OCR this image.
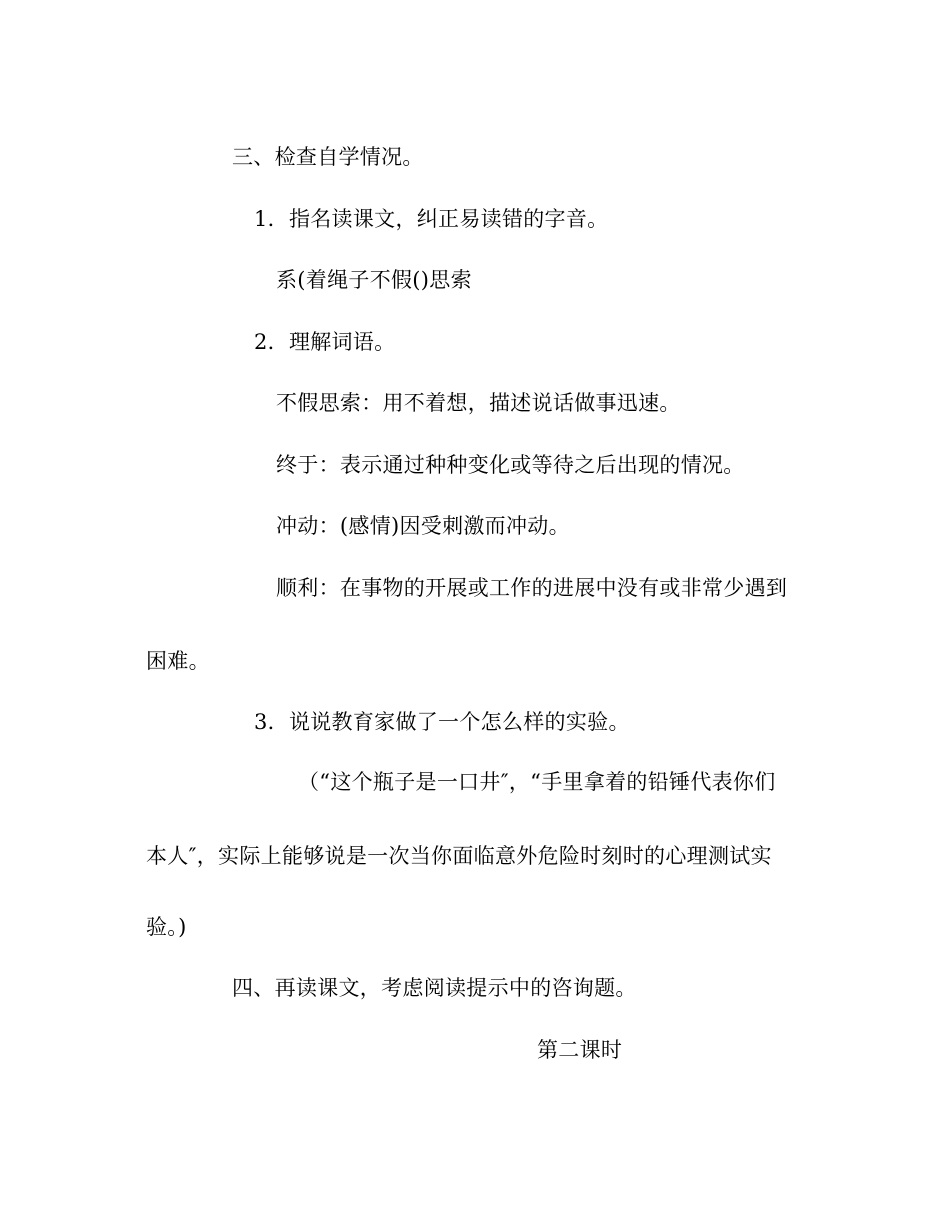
三、检查自学情况。
1．指名读课文，纠正易读错的字音。
系(着绳子不假()思索
2．理解词语。
不假思索：用不着想，描述说话做事迅速。
终于：表示通过种种变化或等待之后出现的情况。
冲动：(感情)因受刺激而冲动。
顺利：在事物的开展或工作的进展中没有或非常少遇到
困难。
3．说说教育家做了一个怎么样的实验。
（“这个瓶子是一口井″，“手里拿着的铅锤代表你们
本人″，实际上能够说是一次当你面临意外危险时刻时的心理测试实
验。)
四、再读课文，考虑阅读提示中的咨询题。
第二课时
